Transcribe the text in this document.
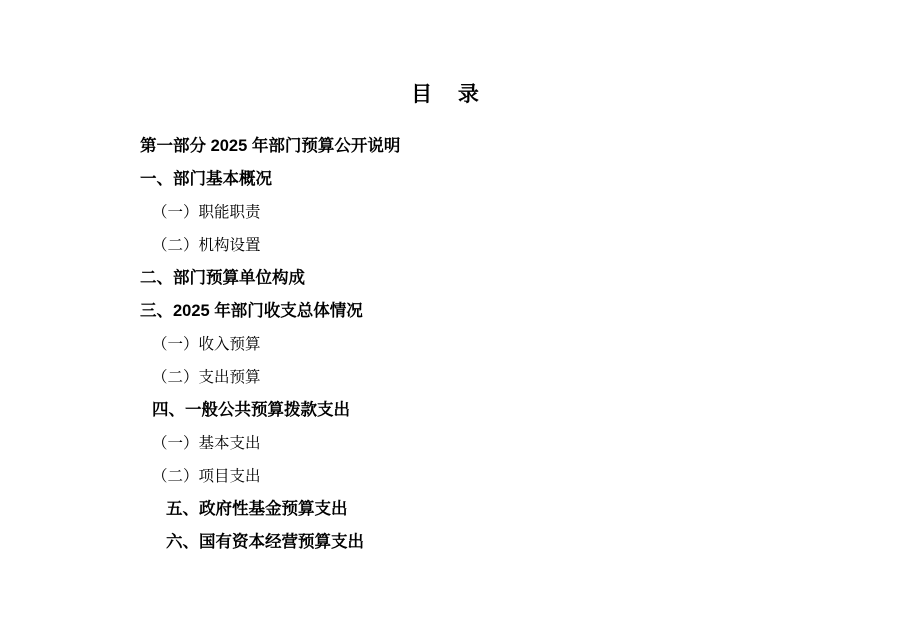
目 录
第一部分 2025 年部门预算公开说明
一、部门基本概况
（一）职能职责
（二）机构设置
二、部门预算单位构成
三、2025 年部门收支总体情况
（一）收入预算
（二）支出预算
四、一般公共预算拨款支出
（一）基本支出
（二）项目支出
五、政府性基金预算支出
六、国有资本经营预算支出
